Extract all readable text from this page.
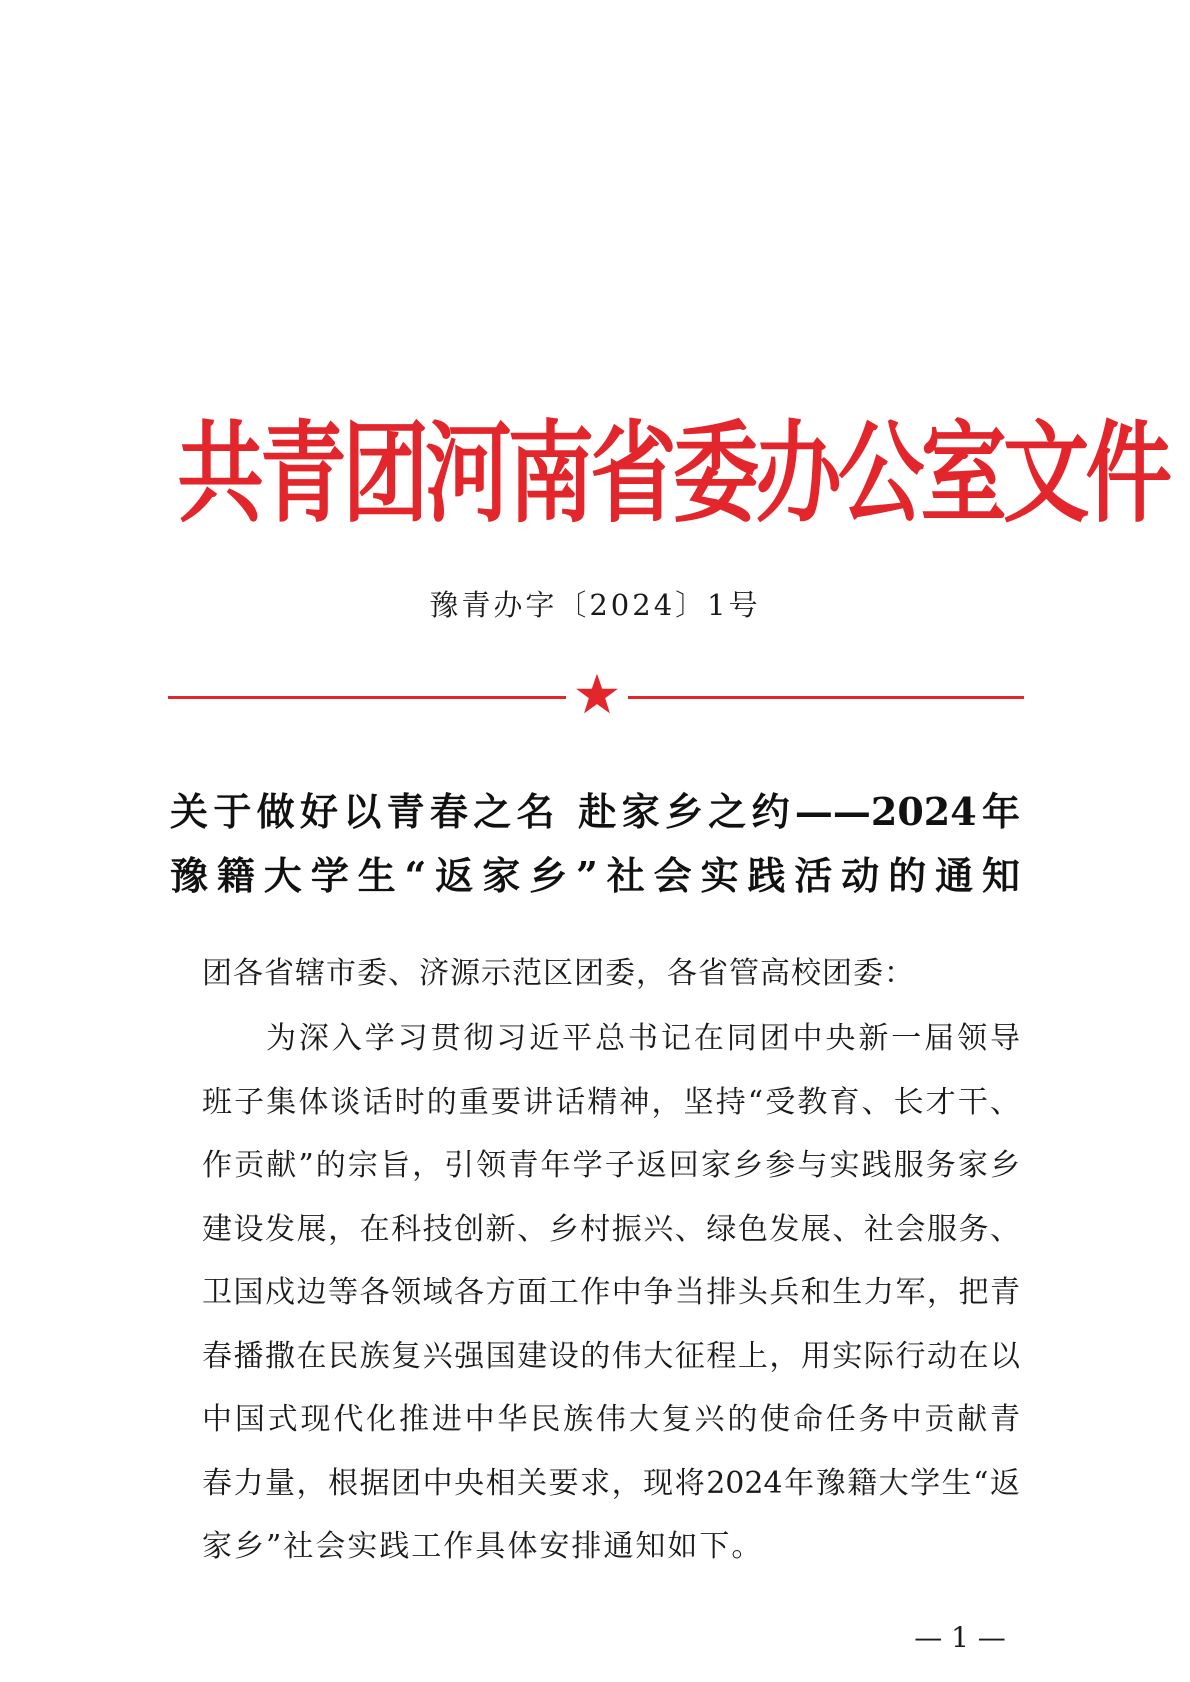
共青团河南省委办公室文件
豫青办字〔2024〕1号
关于做好以青春之名 赴家乡之约——2024年
豫籍大学生“返家乡”社会实践活动的通知
团各省辖市委、济源示范区团委，各省管高校团委：
为深入学习贯彻习近平总书记在同团中央新一届领导
班子集体谈话时的重要讲话精神，坚持“受教育、长才干、
作贡献”的宗旨，引领青年学子返回家乡参与实践服务家乡
建设发展，在科技创新、乡村振兴、绿色发展、社会服务、
卫国戍边等各领域各方面工作中争当排头兵和生力军，把青
春播撒在民族复兴强国建设的伟大征程上，用实际行动在以
中国式现代化推进中华民族伟大复兴的使命任务中贡献青
春力量，根据团中央相关要求，现将2024年豫籍大学生“返
家乡”社会实践工作具体安排通知如下。
— 1 —
